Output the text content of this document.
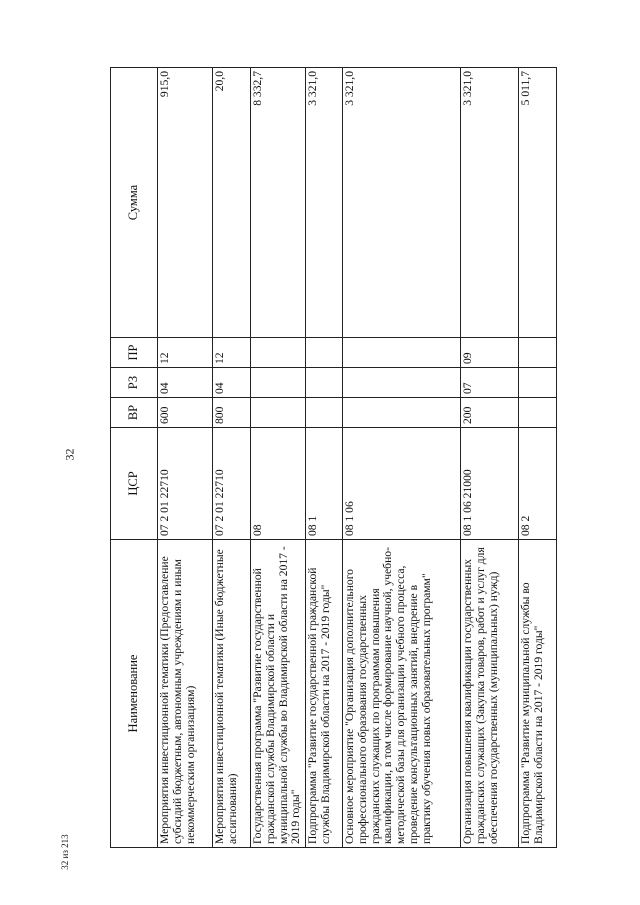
32
32 из 213
Наименование	ЦСР	ВР	РЗ	ПР	Сумма
Мероприятия инвестиционной тематики (Предоставление субсидий бюджетным, автономным учреждениям и иным некоммерческим организациям)	07 2 01 22710	600	04	12	915,0
Мероприятия инвестиционной тематики (Иные бюджетные ассигнования)	07 2 01 22710	800	04	12	20,0
Государственная программа "Развитие государственной гражданской службы Владимирской области и муниципальной службы во Владимирской области на 2017 - 2019 годы"	08				8 332,7
Подпрограмма "Развитие государственной гражданской службы Владимирской области на 2017 - 2019 годы"	08 1				3 321,0
Основное мероприятие "Организация дополнительного профессионального образования государственных гражданских служащих по программам повышения квалификации, в том числе формирование научной, учебно-методической базы для организации учебного процесса, проведение консультационных занятий, внедрение в практику обучения новых образовательных программ"	08 1 06				3 321,0
Организация повышения квалификации государственных гражданских служащих (Закупка товаров, работ и услуг для обеспечения государственных (муниципальных) нужд)	08 1 06 21000	200	07	09	3 321,0
Подпрограмма "Развитие муниципальной службы во Владимирской области на 2017 - 2019 годы"	08 2				5 011,7
